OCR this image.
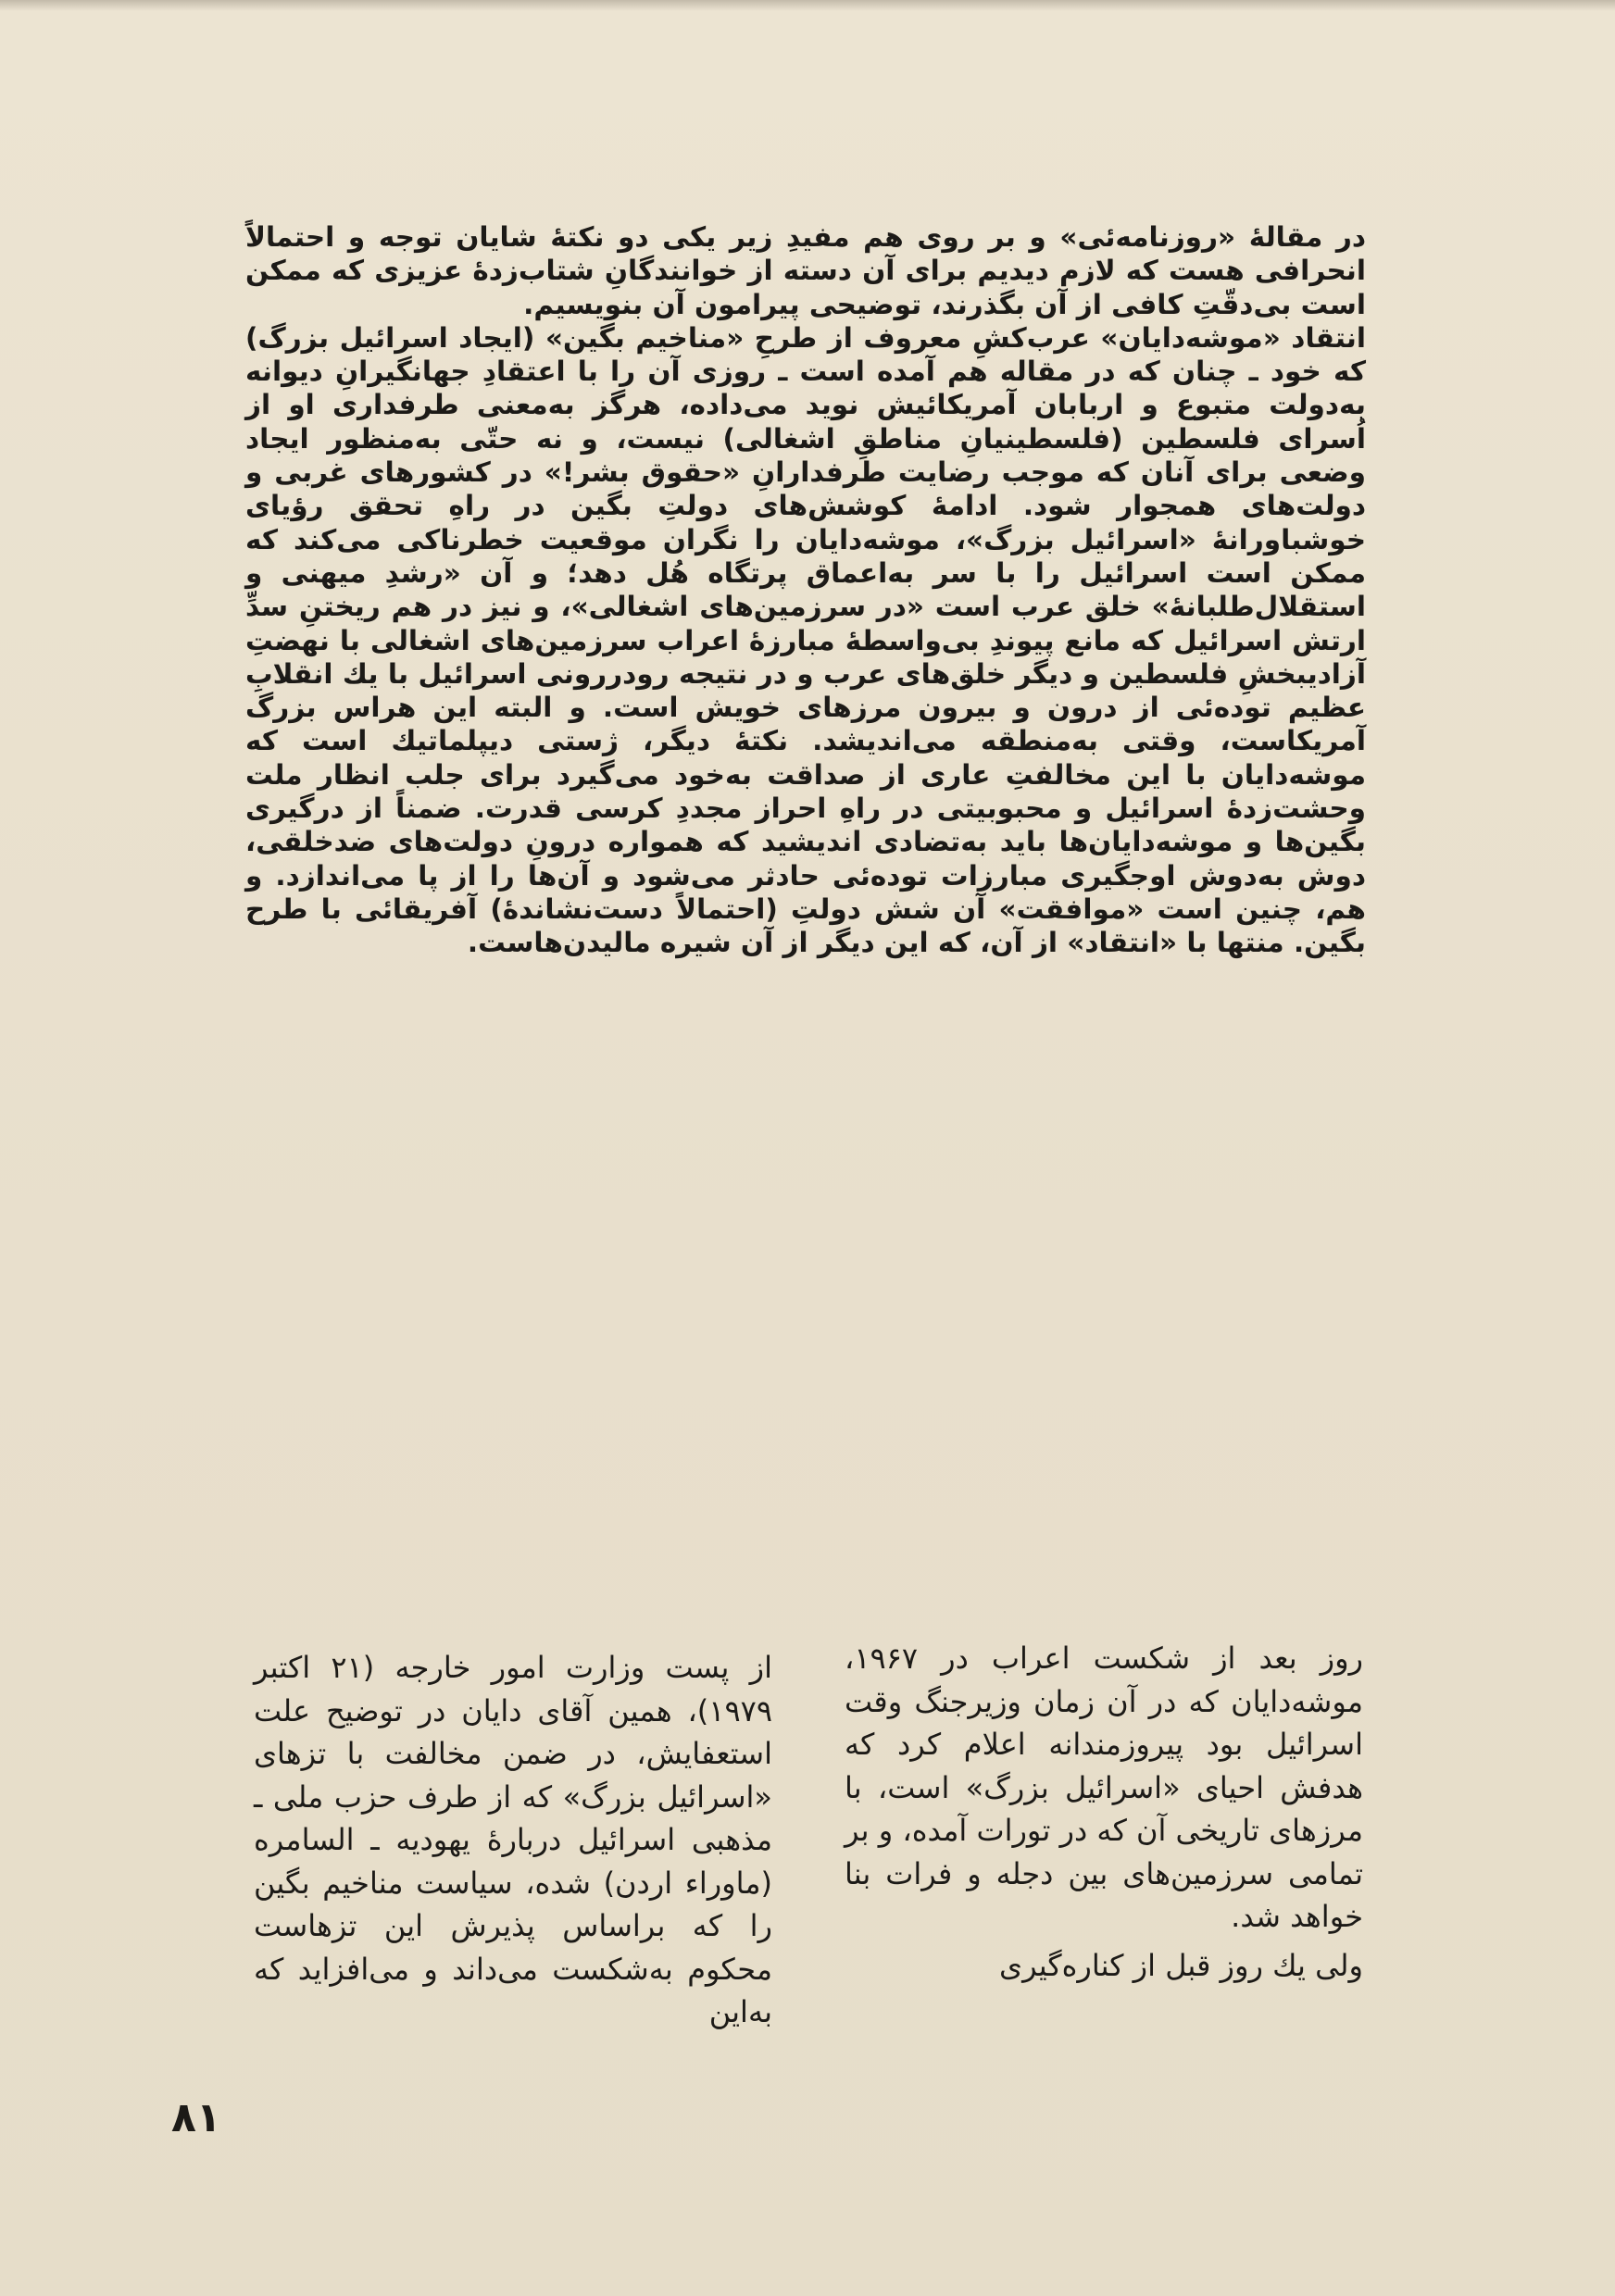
در مقالهٔ «روزنامه‌ئی» و بر روی هم مفیدِ زیر یکی دو نکتهٔ شایان توجه و احتمالاً انحرافی هست که لازم دیدیم برای آن دسته از خوانندگانِ شتاب‌زدهٔ عزیزی که ممکن است بی‌دقّتِ کافی از آن بگذرند، توضیحی پیرامون آن بنویسیم.

انتقاد «موشه‌دایان» عرب‌کشِ معروف از طرحِ «مناخیم بگین» (ایجاد اسرائیل بزرگ) که خود ـ چنان که در مقاله هم آمده است ـ روزی آن را با اعتقادِ جهانگیرانِ دیوانه به‌دولت متبوع و اربابان آمریکائیش نوید می‌داده، هرگز به‌معنی طرفداری او از اُسرای فلسطین (فلسطینیانِ مناطقِ اشغالی) نیست، و نه حتّی به‌منظور ایجاد وضعی برای آنان که موجب رضایت طرفدارانِ «حقوق بشر!» در کشورهای غربی و دولت‌های همجوار شود. ادامهٔ کوشش‌های دولتِ بگین در راهِ تحقق رؤیای خوشباورانهٔ «اسرائیل بزرگ»، موشه‌دایان را نگران موقعیت خطرناکی می‌کند که ممکن است اسرائیل را با سر به‌اعماق پرتگاه هُل دهد؛ و آن «رشدِ میهنی و استقلال‌طلبانهٔ» خلق عرب است «در سرزمین‌های اشغالی»، و نیز در هم ریختنِ سدِّ ارتش اسرائیل که مانع پیوندِ بی‌واسطهٔ مبارزهٔ اعراب سرزمین‌های اشغالی با نهضتِ آزادیبخشِ فلسطین و دیگر خلق‌های عرب و در نتیجه رودررونی اسرائیل با یك انقلابِ عظیم توده‌ئی از درون و بیرون مرزهای خویش است. و البته این هراس بزرگ آمریکاست، وقتی به‌منطقه می‌اندیشد. نکتهٔ دیگر، ژستی دیپلماتیك است که موشه‌دایان با این مخالفتِ عاری از صداقت به‌خود می‌گیرد برای جلب انظار ملت وحشت‌زدهٔ اسرائیل و محبوبیتی در راهِ احراز مجددِ کرسی قدرت. ضمناً از درگیری بگین‌ها و موشه‌دایان‌ها باید به‌تضادی اندیشید که همواره درونِ دولت‌های ضدخلقی، دوش به‌دوش اوجگیری مبارزات توده‌ئی حادثر می‌شود و آن‌ها را از پا می‌اندازد. و هم، چنین است «موافقت» آن شش دولتِ (احتمالاً دست‌نشاندهٔ) آفریقائی با طرح بگین. منتها با «انتقاد» از آن، که این دیگر از آن شیره مالیدن‌هاست.

روز بعد از شکست اعراب در ۱۹۶۷، موشه‌دایان که در آن زمان وزیرجنگ وقت اسرائیل بود پیروزمندانه اعلام کرد که هدفش احیای «اسرائیل بزرگ» است، با مرزهای تاریخی آن که در تورات آمده، و بر تمامی سرزمین‌های بین دجله و فرات بنا خواهد شد.

ولی یك روز قبل از کناره‌گیری

از پست وزارت امور خارجه (۲۱ اکتبر ۱۹۷۹)، همین آقای دایان در توضیح علت استعفایش، در ضمن مخالفت با تزهای «اسرائیل بزرگ» که از طرف حزب ملی ـ مذهبی اسرائیل دربارهٔ یهودیه ـ السامره (ماوراء اردن) شده، سیاست مناخیم بگین را که براساس پذیرش این تزهاست محکوم به‌شکست می‌داند و می‌افزاید که به‌این

۸۱
